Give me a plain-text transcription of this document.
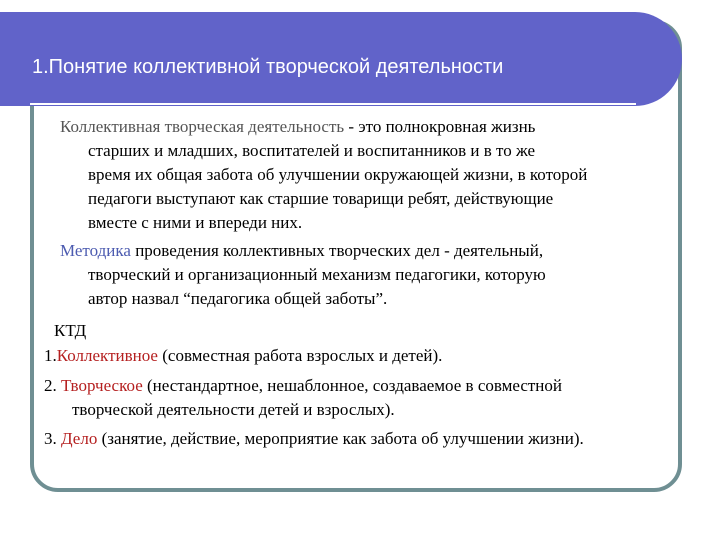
1.Понятие коллективной творческой деятельности
Коллективная творческая деятельность - это полнокровная жизнь
старших и младших, воспитателей и воспитанников и в то же
время их общая забота об улучшении окружающей жизни, в которой
педагоги выступают как старшие товарищи ребят, действующие
вместе с ними и впереди них.
Методика проведения коллективных творческих дел - деятельный,
творческий и организационный механизм педагогики, которую
автор назвал “педагогика общей заботы”.
КТД
1.Коллективное (совместная работа взрослых и детей).
2. Творческое (нестандартное, нешаблонное, создаваемое в совместной
творческой деятельности детей и взрослых).
3. Дело (занятие, действие, мероприятие как забота об улучшении жизни).
